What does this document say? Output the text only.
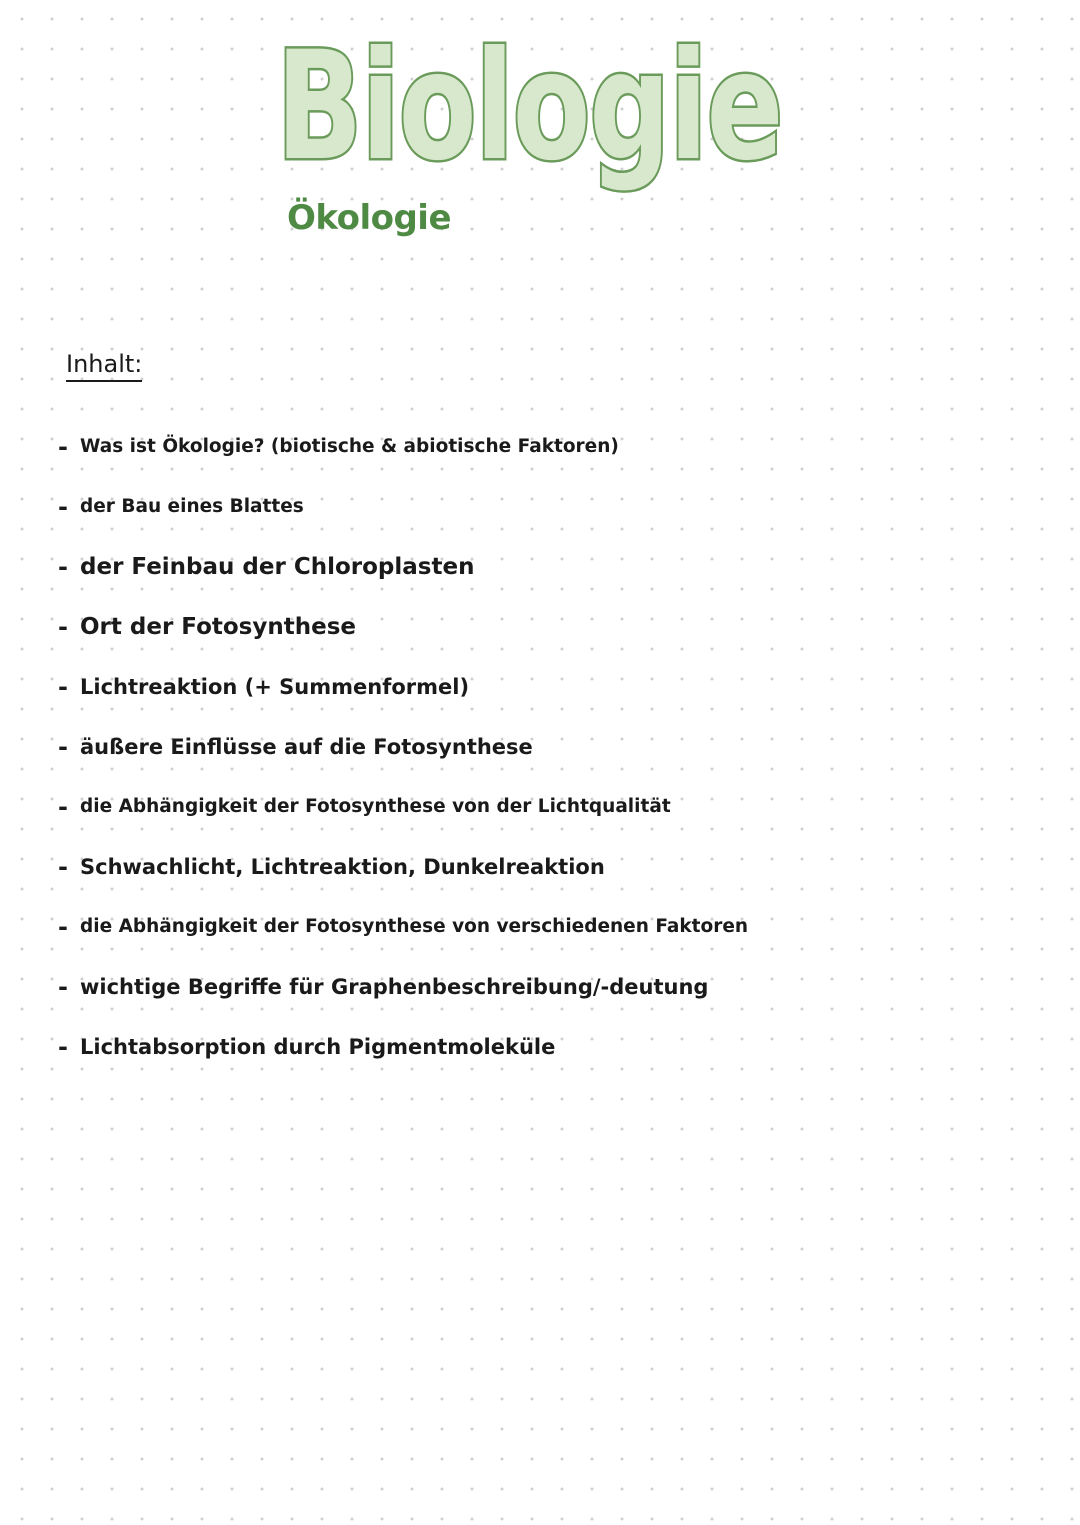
Biologie
Ökologie
Inhalt:
- Was ist Ökologie? (biotische & abiotische Faktoren)
- der Bau eines Blattes
- der Feinbau der Chloroplasten
- Ort der Fotosynthese
- Lichtreaktion (+ Summenformel)
- äußere Einflüsse auf die Fotosynthese
- die Abhängigkeit der Fotosynthese von der Lichtqualität
- Schwachlicht, Lichtreaktion, Dunkelreaktion
- die Abhängigkeit der Fotosynthese von verschiedenen Faktoren
- wichtige Begriffe für Graphenbeschreibung/-deutung
- Lichtabsorption durch Pigmentmoleküle
